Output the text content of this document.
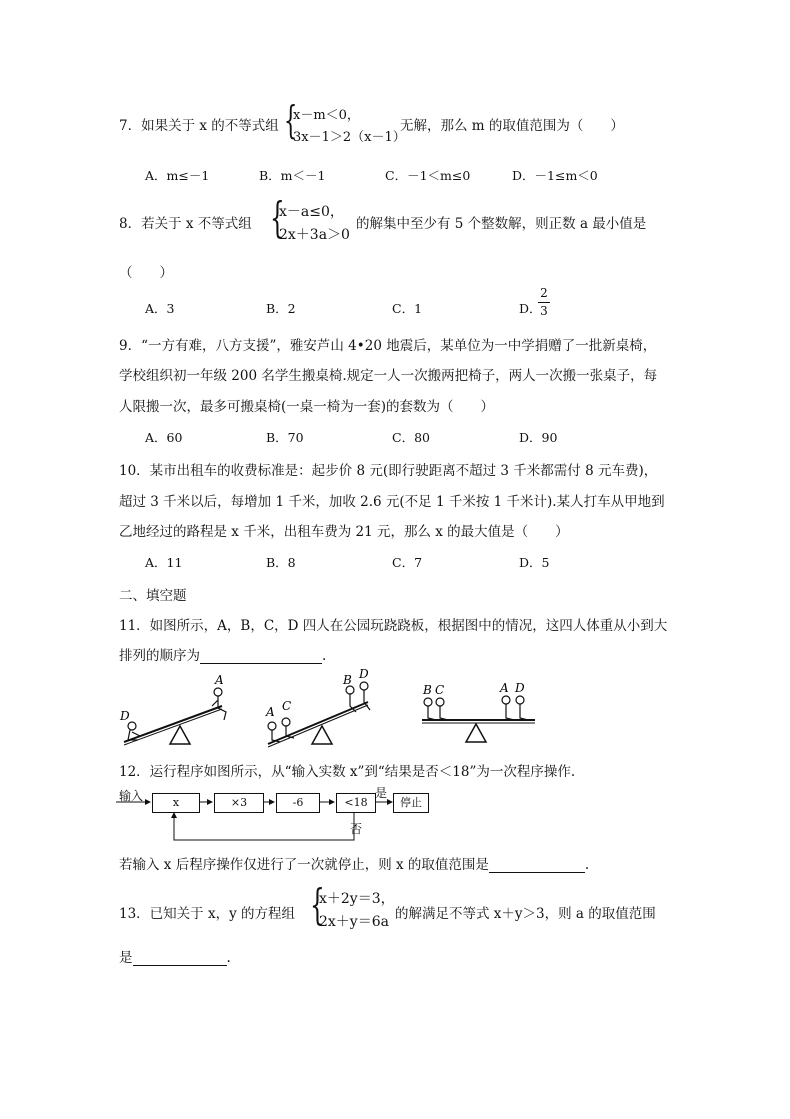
7．如果关于 x 的不等式组 {
x－m＜0，
3x－1＞2（x－1）
无解，那么 m 的取值范围为（　　）
A．m≤－1	B．m＜－1	C．－1＜m≤0	D．－1≤m＜0
8．若关于 x 不等式组 {
x－a≤0，
2x＋3a＞0
的解集中至少有 5 个整数解，则正数 a 最小值是
（　　）
A．3	B．2	C．1	D．
2
3
9．“一方有难，八方支援”，雅安芦山 4•20 地震后，某单位为一中学捐赠了一批新桌椅，
学校组织初一年级 200 名学生搬桌椅.规定一人一次搬两把椅子，两人一次搬一张桌子，每
人限搬一次，最多可搬桌椅(一桌一椅为一套)的套数为（　　）
A．60	B．70	C．80	D．90
10．某市出租车的收费标准是：起步价 8 元(即行驶距离不超过 3 千米都需付 8 元车费)，
超过 3 千米以后，每增加 1 千米，加收 2.6 元(不足 1 千米按 1 千米计).某人打车从甲地到
乙地经过的路程是 x 千米，出租车费为 21 元，那么 x 的最大值是（　　）
A．11	B．8	C．7	D．5
二、填空题
11．如图所示，A，B，C，D 四人在公园玩跷跷板，根据图中的情况，这四人体重从小到大
排列的顺序为	.
D
A
A C
B D
B C	A D
12．运行程序如图所示，从“输入实数 x”到“结果是否＜18”为一次程序操作.
输入	x	×3	-6	<18
是
停止
否
若输入 x 后程序操作仅进行了一次就停止，则 x 的取值范围是	.
13．已知关于 x，y 的方程组 {
x＋2y＝3，
2x＋y＝6a 的解满足不等式 x＋y＞3，则 a 的取值范围
是	.
